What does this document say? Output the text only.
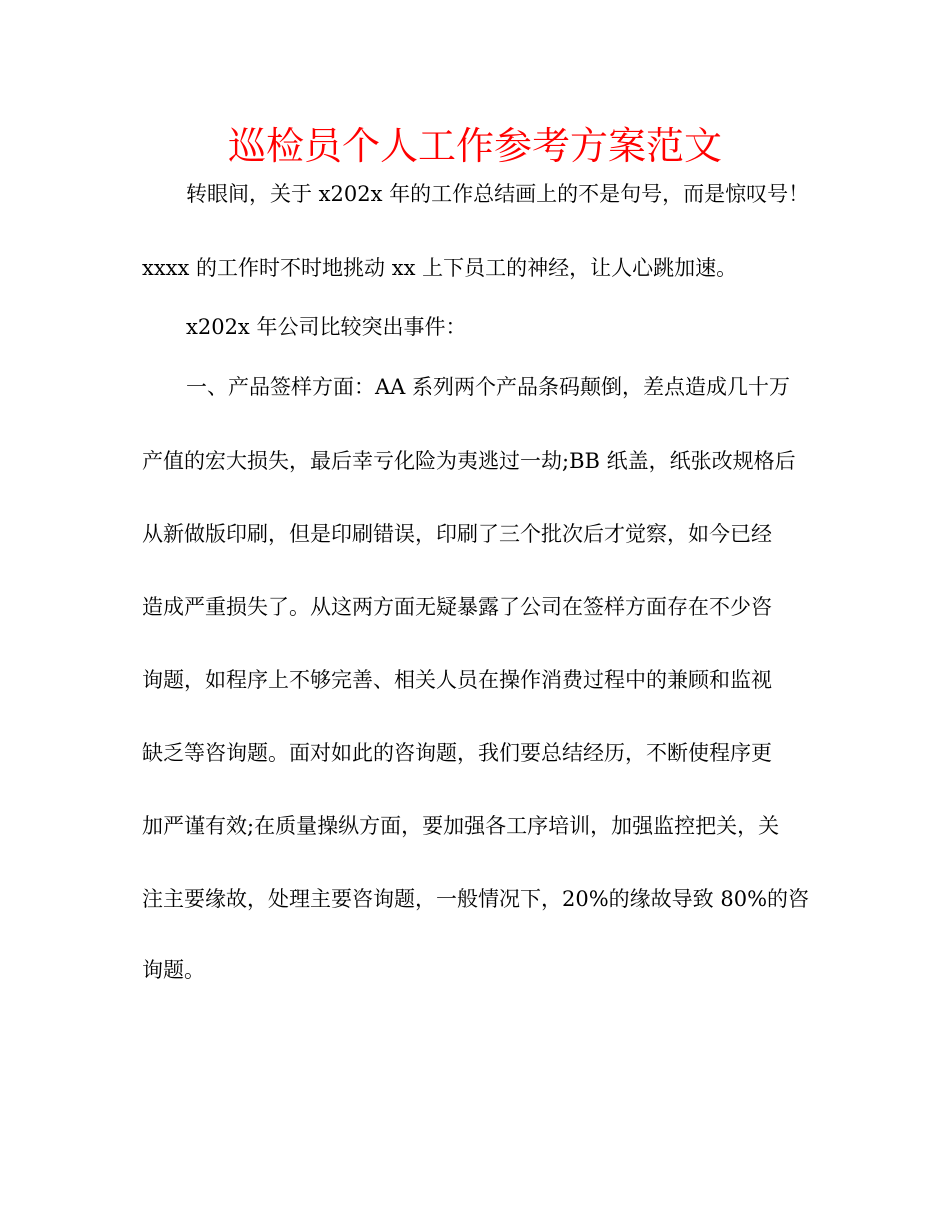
巡检员个人工作参考方案范文
转眼间，关于 x202x 年的工作总结画上的不是句号，而是惊叹号！
xxxx 的工作时不时地挑动 xx 上下员工的神经，让人心跳加速。
x202x 年公司比较突出事件：
一、产品签样方面：AA 系列两个产品条码颠倒，差点造成几十万
产值的宏大损失，最后幸亏化险为夷逃过一劫;BB 纸盖，纸张改规格后
从新做版印刷，但是印刷错误，印刷了三个批次后才觉察，如今已经
造成严重损失了。从这两方面无疑暴露了公司在签样方面存在不少咨
询题，如程序上不够完善、相关人员在操作消费过程中的兼顾和监视
缺乏等咨询题。面对如此的咨询题，我们要总结经历，不断使程序更
加严谨有效;在质量操纵方面，要加强各工序培训，加强监控把关，关
注主要缘故，处理主要咨询题，一般情况下，20%的缘故导致 80%的咨
询题。
